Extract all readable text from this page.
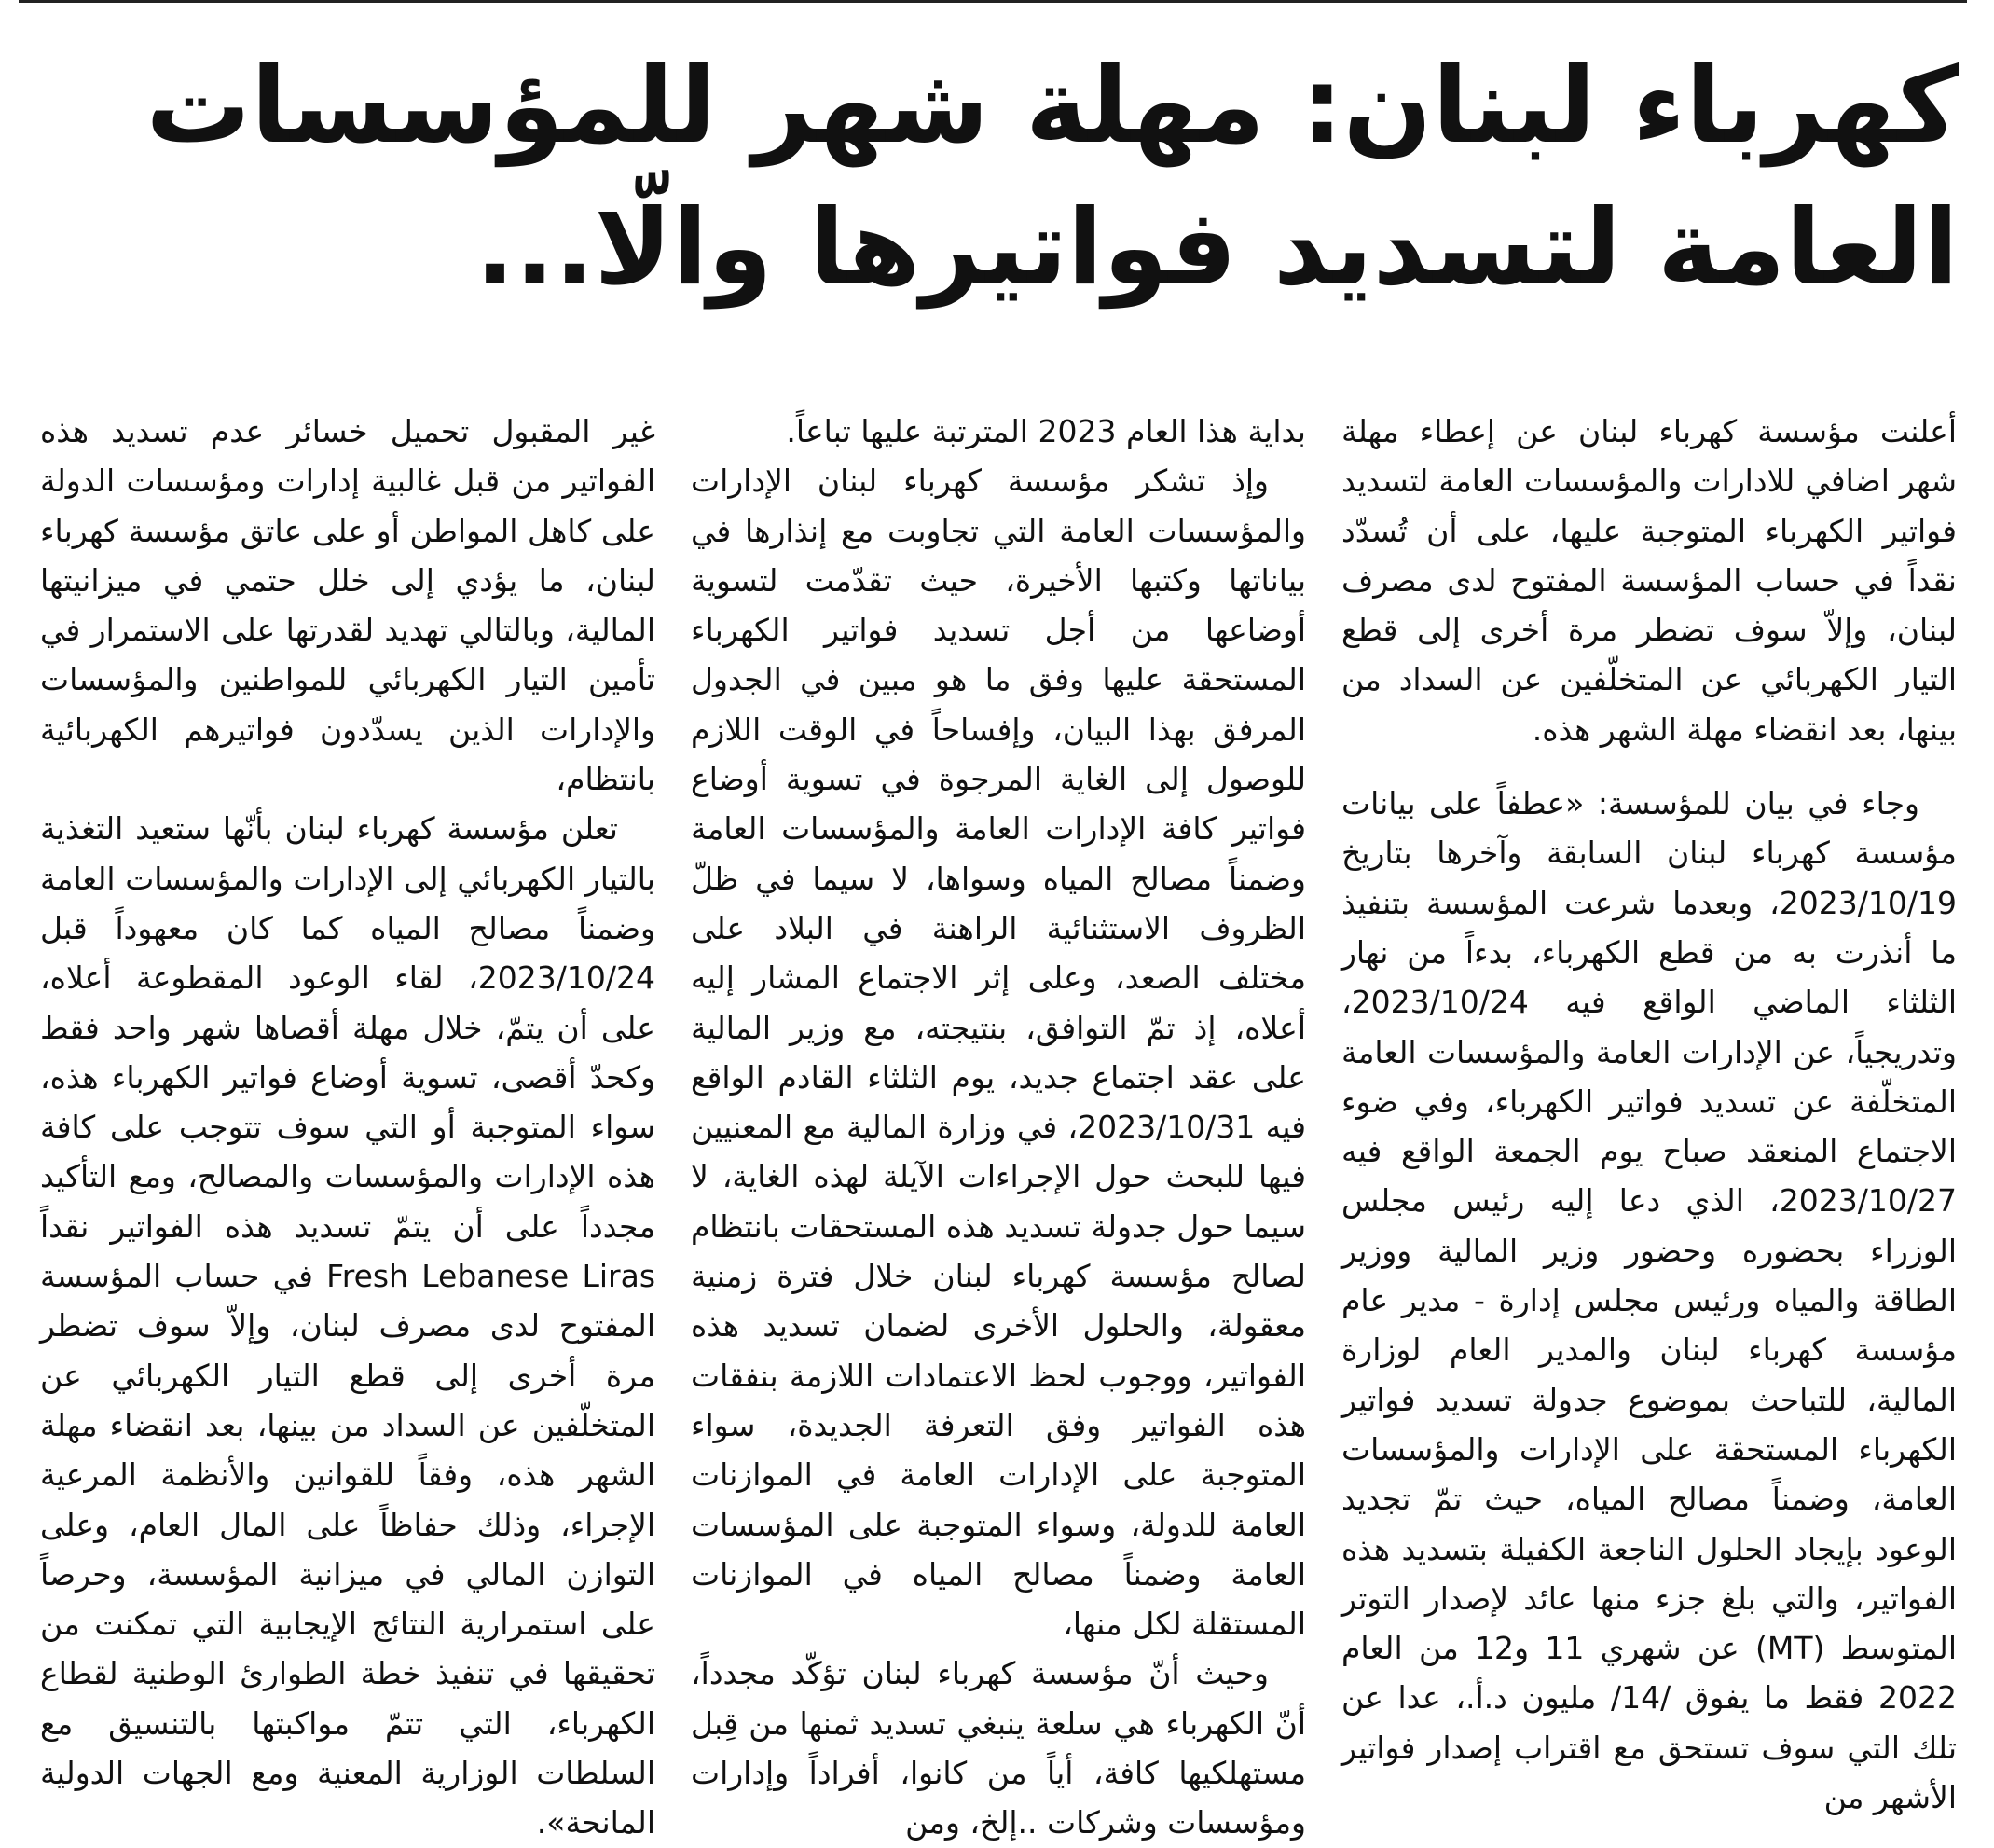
كهرباء لبنان: مهلة شهر للمؤسسات
العامة لتسديد فواتيرها والّا...

أعلنت مؤسسة كهرباء لبنان عن إعطاء مهلة شهر اضافي للادارات والمؤسسات العامة لتسديد فواتير الكهرباء المتوجبة عليها، على أن تُسدّد نقداً في حساب المؤسسة المفتوح لدى مصرف لبنان، وإلاّ سوف تضطر مرة أخرى إلى قطع التيار الكهربائي عن المتخلّفين عن السداد من بينها، بعد انقضاء مهلة الشهر هذه.

وجاء في بيان للمؤسسة: «عطفاً على بيانات مؤسسة كهرباء لبنان السابقة وآخرها بتاريخ 2023/10/19، وبعدما شرعت المؤسسة بتنفيذ ما أنذرت به من قطع الكهرباء، بدءاً من نهار الثلثاء الماضي الواقع فيه 2023/10/24، وتدريجياً، عن الإدارات العامة والمؤسسات العامة المتخلّفة عن تسديد فواتير الكهرباء، وفي ضوء الاجتماع المنعقد صباح يوم الجمعة الواقع فيه 2023/10/27، الذي دعا إليه رئيس مجلس الوزراء بحضوره وحضور وزير المالية ووزير الطاقة والمياه ورئيس مجلس إدارة - مدير عام مؤسسة كهرباء لبنان والمدير العام لوزارة المالية، للتباحث بموضوع جدولة تسديد فواتير الكهرباء المستحقة على الإدارات والمؤسسات العامة، وضمناً مصالح المياه، حيث تمّ تجديد الوعود بإيجاد الحلول الناجعة الكفيلة بتسديد هذه الفواتير، والتي بلغ جزء منها عائد لإصدار التوتر المتوسط (MT) عن شهري 11 و12 من العام 2022 فقط ما يفوق /14/ مليون د.أ.، عدا عن تلك التي سوف تستحق مع اقتراب إصدار فواتير الأشهر من

بداية هذا العام 2023 المترتبة عليها تباعاً.

وإذ تشكر مؤسسة كهرباء لبنان الإدارات والمؤسسات العامة التي تجاوبت مع إنذارها في بياناتها وكتبها الأخيرة، حيث تقدّمت لتسوية أوضاعها من أجل تسديد فواتير الكهرباء المستحقة عليها وفق ما هو مبين في الجدول المرفق بهذا البيان، وإفساحاً في الوقت اللازم للوصول إلى الغاية المرجوة في تسوية أوضاع فواتير كافة الإدارات العامة والمؤسسات العامة وضمناً مصالح المياه وسواها، لا سيما في ظلّ الظروف الاستثنائية الراهنة في البلاد على مختلف الصعد، وعلى إثر الاجتماع المشار إليه أعلاه، إذ تمّ التوافق، بنتيجته، مع وزير المالية على عقد اجتماع جديد، يوم الثلثاء القادم الواقع فيه 2023/10/31، في وزارة المالية مع المعنيين فيها للبحث حول الإجراءات الآيلة لهذه الغاية، لا سيما حول جدولة تسديد هذه المستحقات بانتظام لصالح مؤسسة كهرباء لبنان خلال فترة زمنية معقولة، والحلول الأخرى لضمان تسديد هذه الفواتير، ووجوب لحظ الاعتمادات اللازمة بنفقات هذه الفواتير وفق التعرفة الجديدة، سواء المتوجبة على الإدارات العامة في الموازنات العامة للدولة، وسواء المتوجبة على المؤسسات العامة وضمناً مصالح المياه في الموازنات المستقلة لكل منها،

وحيث أنّ مؤسسة كهرباء لبنان تؤكّد مجدداً، أنّ الكهرباء هي سلعة ينبغي تسديد ثمنها من قِبل مستهلكيها كافة، أياً من كانوا، أفراداً وإدارات ومؤسسات وشركات ..إلخ، ومن

غير المقبول تحميل خسائر عدم تسديد هذه الفواتير من قبل غالبية إدارات ومؤسسات الدولة على كاهل المواطن أو على عاتق مؤسسة كهرباء لبنان، ما يؤدي إلى خلل حتمي في ميزانيتها المالية، وبالتالي تهديد لقدرتها على الاستمرار في تأمين التيار الكهربائي للمواطنين والمؤسسات والإدارات الذين يسدّدون فواتيرهم الكهربائية بانتظام،

تعلن مؤسسة كهرباء لبنان بأنّها ستعيد التغذية بالتيار الكهربائي إلى الإدارات والمؤسسات العامة وضمناً مصالح المياه كما كان معهوداً قبل 2023/10/24، لقاء الوعود المقطوعة أعلاه، على أن يتمّ، خلال مهلة أقصاها شهر واحد فقط وكحدّ أقصى، تسوية أوضاع فواتير الكهرباء هذه، سواء المتوجبة أو التي سوف تتوجب على كافة هذه الإدارات والمؤسسات والمصالح، ومع التأكيد مجدداً على أن يتمّ تسديد هذه الفواتير نقداً Fresh Lebanese Liras في حساب المؤسسة المفتوح لدى مصرف لبنان، وإلاّ سوف تضطر مرة أخرى إلى قطع التيار الكهربائي عن المتخلّفين عن السداد من بينها، بعد انقضاء مهلة الشهر هذه، وفقاً للقوانين والأنظمة المرعية الإجراء، وذلك حفاظاً على المال العام، وعلى التوازن المالي في ميزانية المؤسسة، وحرصاً على استمرارية النتائج الإيجابية التي تمكنت من تحقيقها في تنفيذ خطة الطوارئ الوطنية لقطاع الكهرباء، التي تتمّ مواكبتها بالتنسيق مع السلطات الوزارية المعنية ومع الجهات الدولية المانحة».
